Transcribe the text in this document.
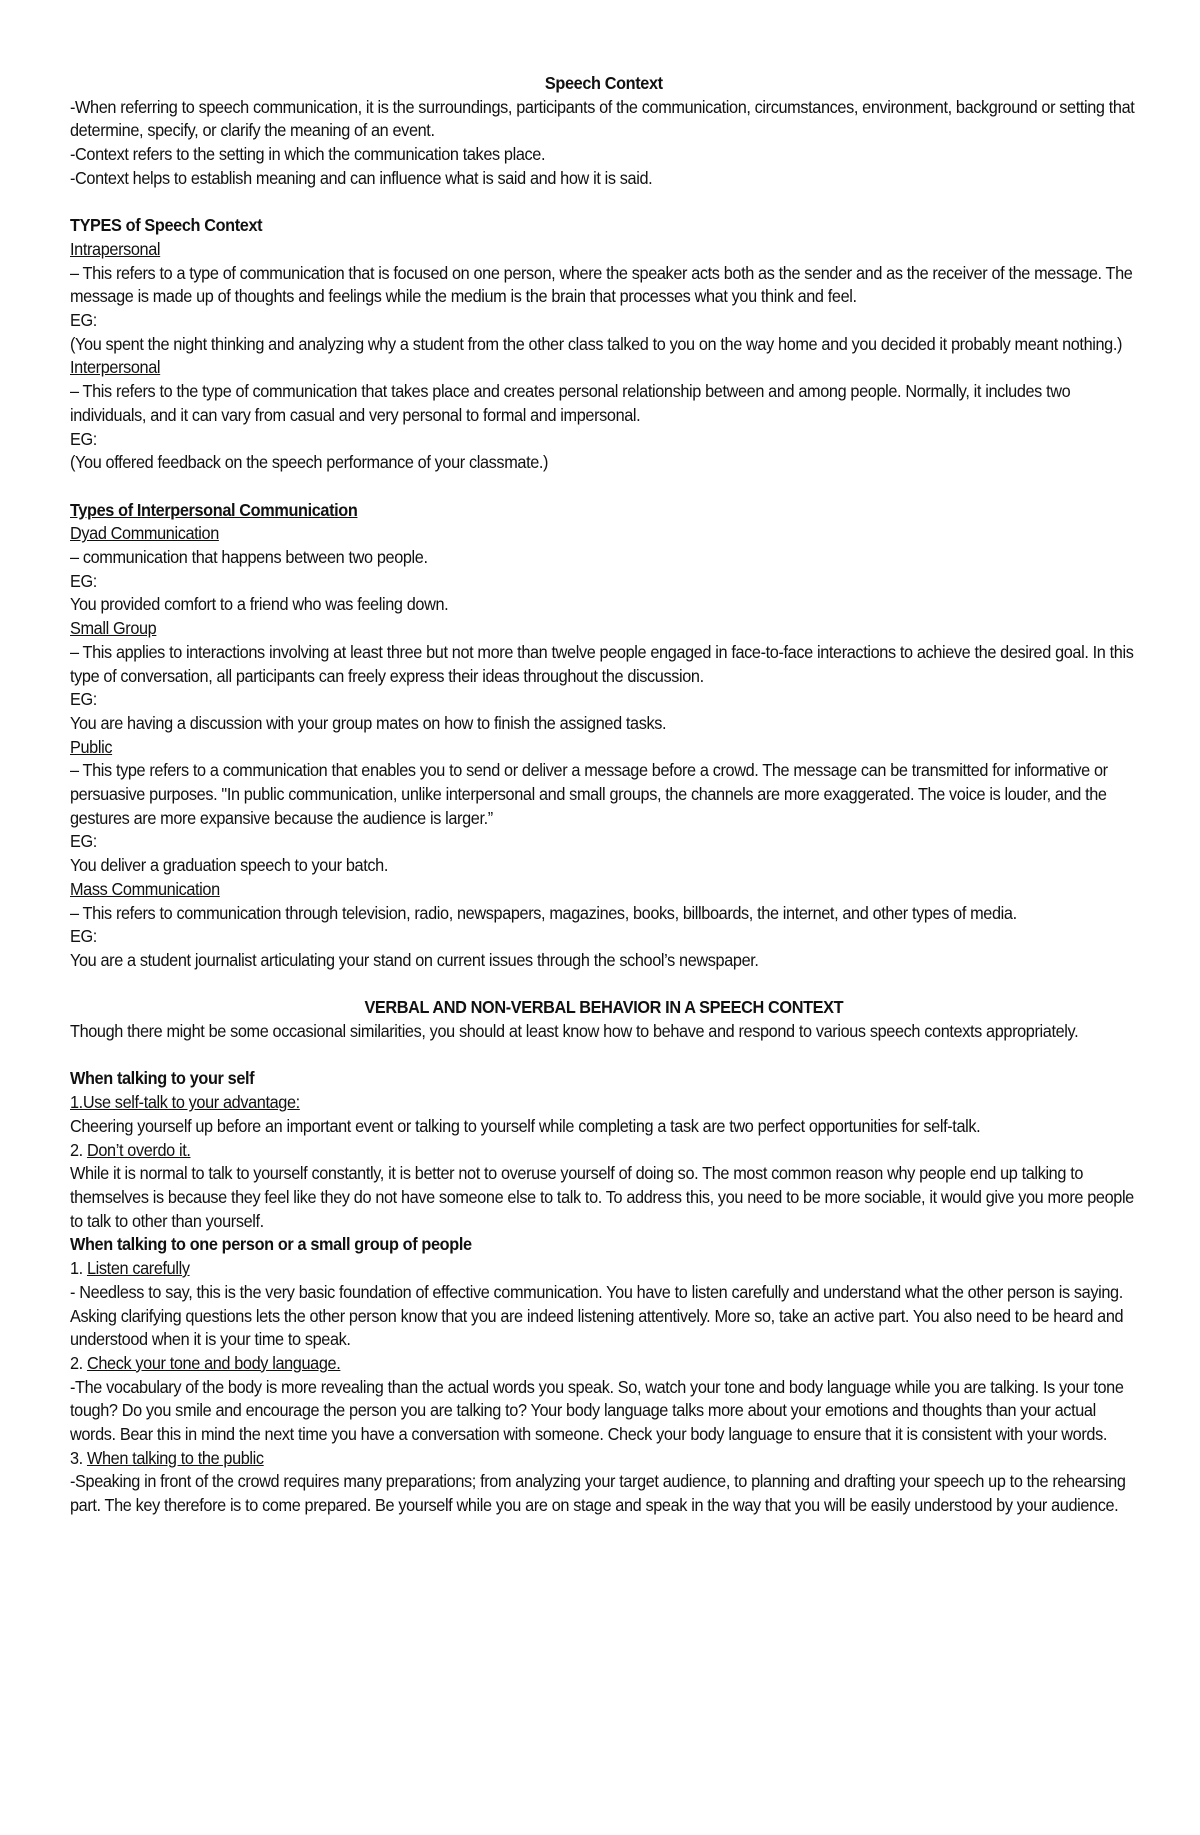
Speech Context
-When referring to speech communication, it is the surroundings, participants of the communication, circumstances, environment, background or setting that determine, specify, or clarify the meaning of an event.
-Context refers to the setting in which the communication takes place.
-Context helps to establish meaning and can influence what is said and how it is said.
TYPES of Speech Context
Intrapersonal
– This refers to a type of communication that is focused on one person, where the speaker acts both as the sender and as the receiver of the message. The message is made up of thoughts and feelings while the medium is the brain that processes what you think and feel.
EG:
(You spent the night thinking and analyzing why a student from the other class talked to you on the way home and you decided it probably meant nothing.)
Interpersonal
– This refers to the type of communication that takes place and creates personal relationship between and among people. Normally, it includes two individuals, and it can vary from casual and very personal to formal and impersonal.
EG:
(You offered feedback on the speech performance of your classmate.)
Types of Interpersonal Communication
Dyad Communication
– communication that happens between two people.
EG:
You provided comfort to a friend who was feeling down.
Small Group
– This applies to interactions involving at least three but not more than twelve people engaged in face-to-face interactions to achieve the desired goal. In this type of conversation, all participants can freely express their ideas throughout the discussion.
EG:
You are having a discussion with your group mates on how to finish the assigned tasks.
Public
– This type refers to a communication that enables you to send or deliver a message before a crowd. The message can be transmitted for informative or persuasive purposes. "In public communication, unlike interpersonal and small groups, the channels are more exaggerated. The voice is louder, and the gestures are more expansive because the audience is larger.”
EG:
You deliver a graduation speech to your batch.
Mass Communication
– This refers to communication through television, radio, newspapers, magazines, books, billboards, the internet, and other types of media.
EG:
You are a student journalist articulating your stand on current issues through the school’s newspaper.
VERBAL AND NON-VERBAL BEHAVIOR IN A SPEECH CONTEXT
Though there might be some occasional similarities, you should at least know how to behave and respond to various speech contexts appropriately.
When talking to your self
1.Use self-talk to your advantage:
Cheering yourself up before an important event or talking to yourself while completing a task are two perfect opportunities for self-talk.
2. Don’t overdo it.
While it is normal to talk to yourself constantly, it is better not to overuse yourself of doing so. The most common reason why people end up talking to themselves is because they feel like they do not have someone else to talk to. To address this, you need to be more sociable, it would give you more people to talk to other than yourself.
When talking to one person or a small group of people
1. Listen carefully
- Needless to say, this is the very basic foundation of effective communication. You have to listen carefully and understand what the other person is saying. Asking clarifying questions lets the other person know that you are indeed listening attentively. More so, take an active part. You also need to be heard and understood when it is your time to speak.
2. Check your tone and body language.
-The vocabulary of the body is more revealing than the actual words you speak. So, watch your tone and body language while you are talking. Is your tone tough? Do you smile and encourage the person you are talking to? Your body language talks more about your emotions and thoughts than your actual words. Bear this in mind the next time you have a conversation with someone. Check your body language to ensure that it is consistent with your words.
3. When talking to the public
-Speaking in front of the crowd requires many preparations; from analyzing your target audience, to planning and drafting your speech up to the rehearsing part. The key therefore is to come prepared. Be yourself while you are on stage and speak in the way that you will be easily understood by your audience.
